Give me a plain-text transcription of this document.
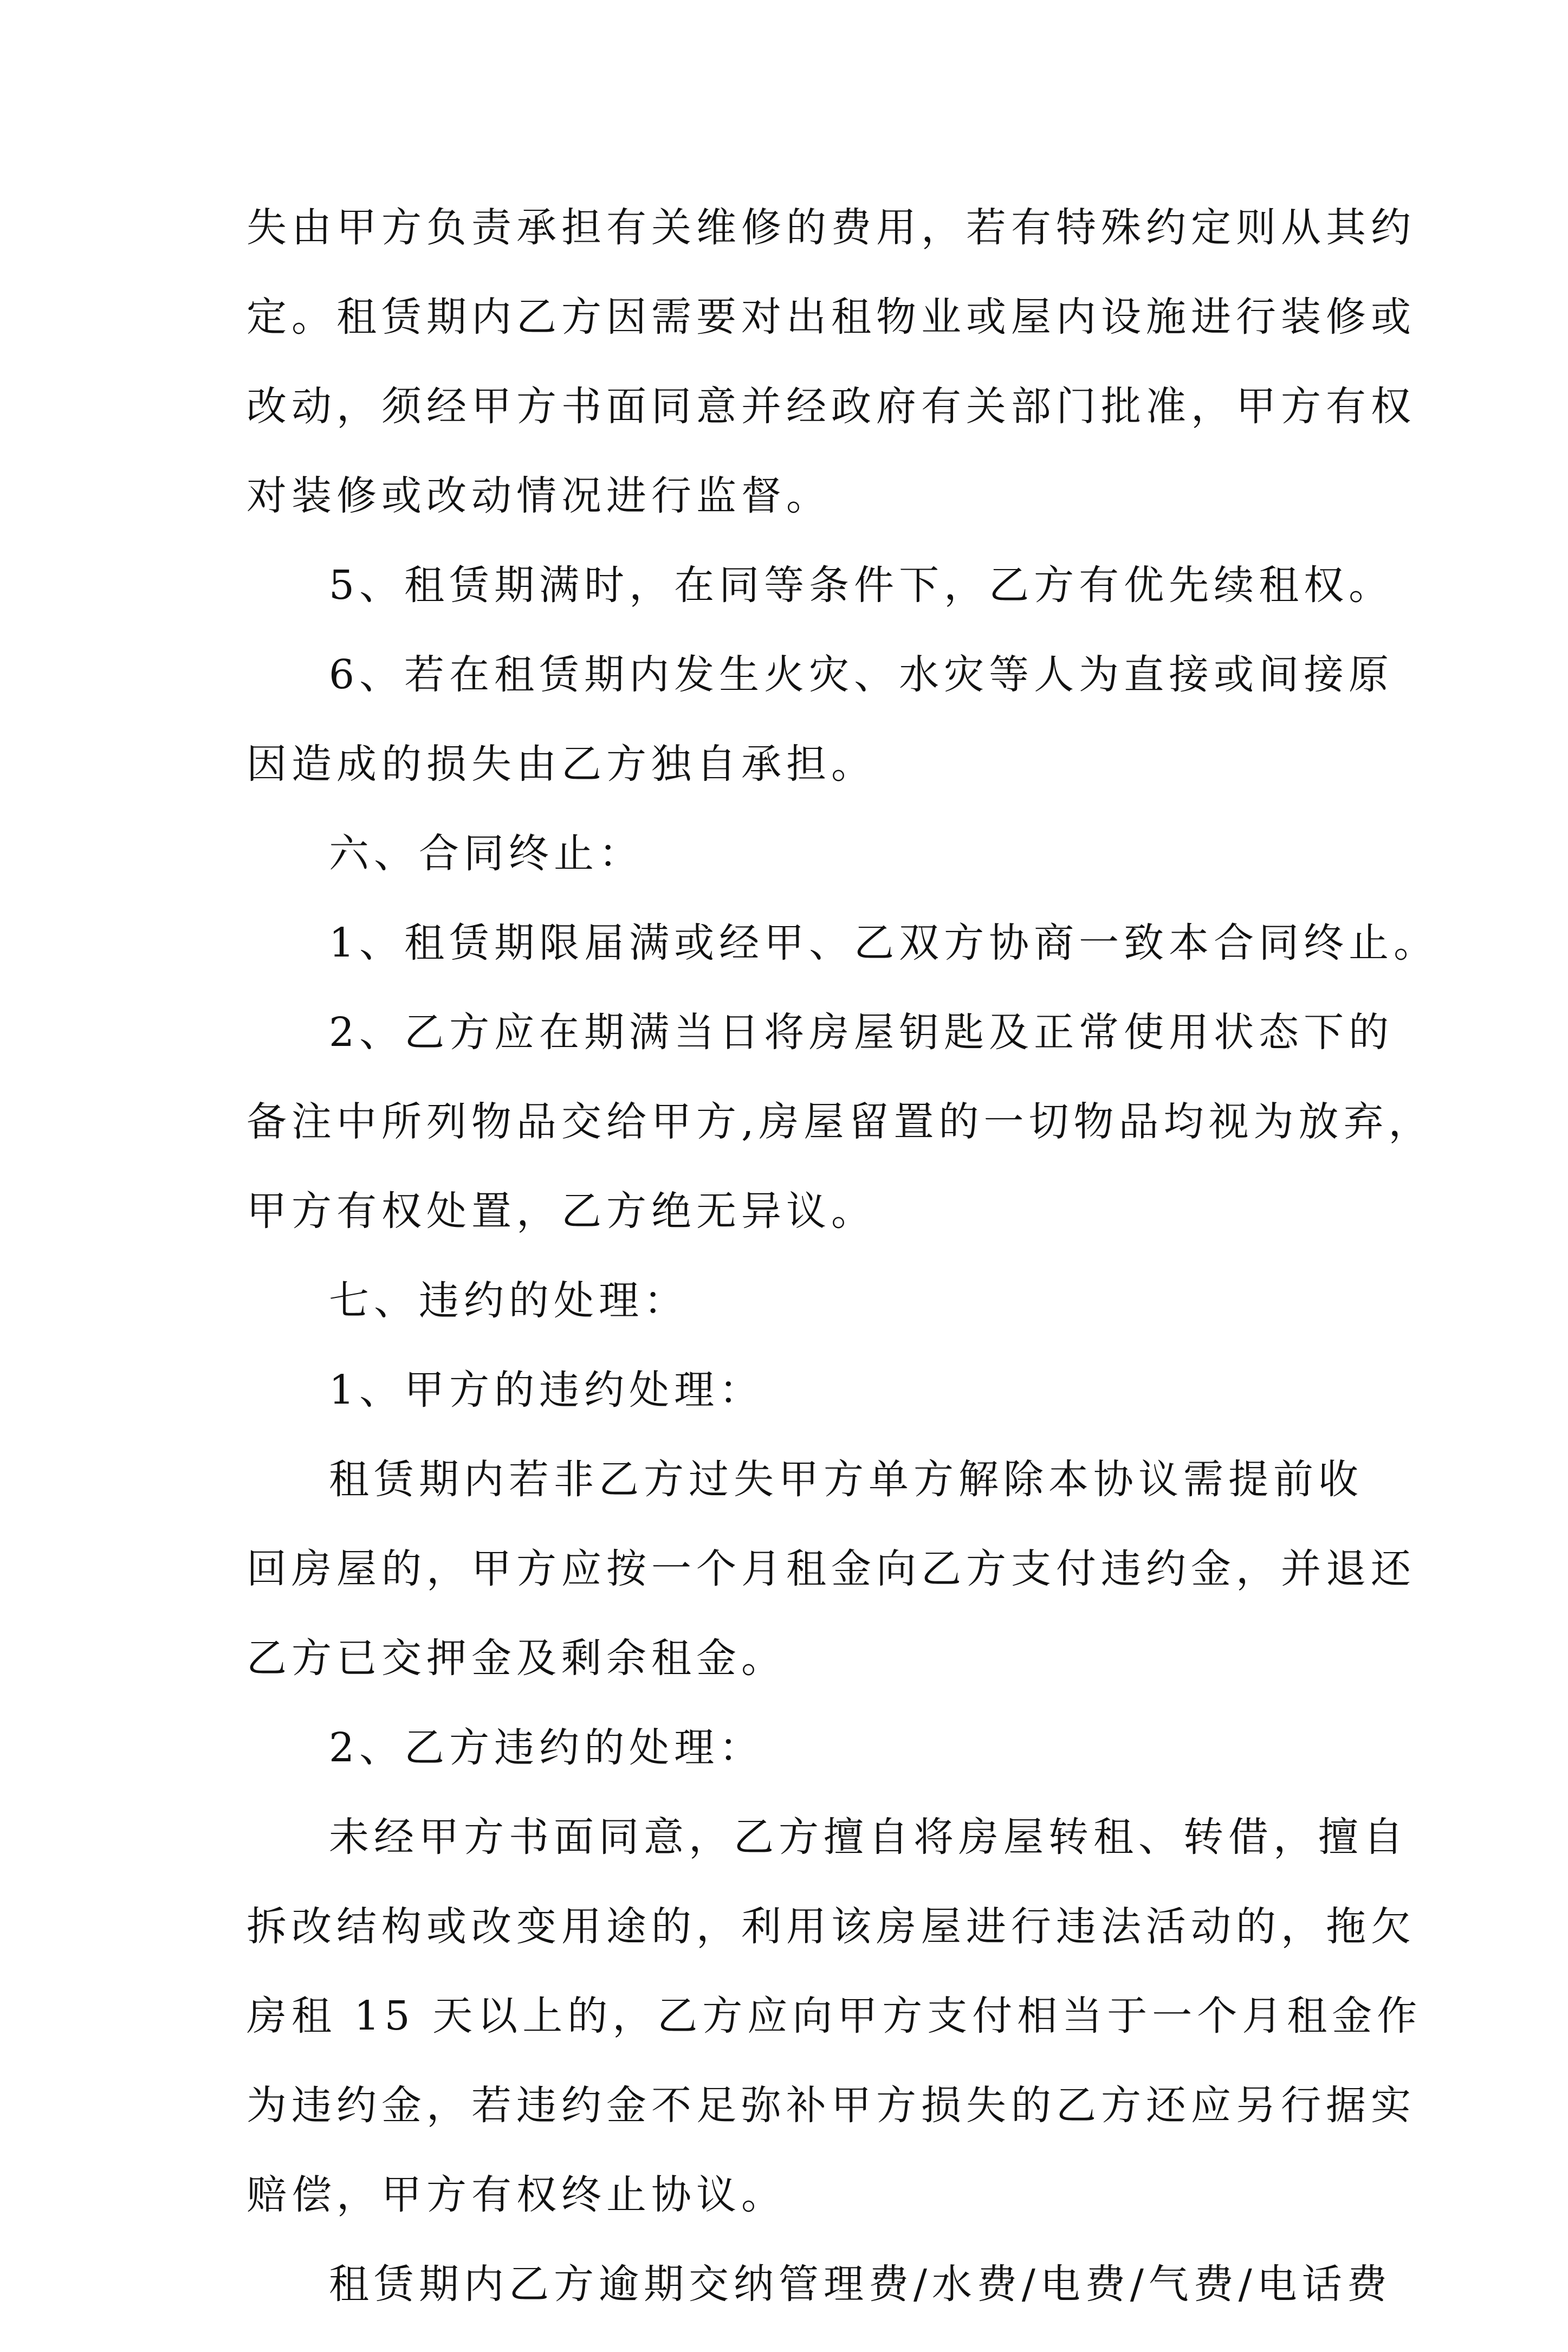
失由甲方负责承担有关维修的费用，若有特殊约定则从其约
定。租赁期内乙方因需要对出租物业或屋内设施进行装修或
改动，须经甲方书面同意并经政府有关部门批准，甲方有权
对装修或改动情况进行监督。
5、租赁期满时，在同等条件下，乙方有优先续租权。
6、若在租赁期内发生火灾、水灾等人为直接或间接原
因造成的损失由乙方独自承担。
六、合同终止：
1、租赁期限届满或经甲、乙双方协商一致本合同终止。
2、乙方应在期满当日将房屋钥匙及正常使用状态下的
备注中所列物品交给甲方,房屋留置的一切物品均视为放弃，
甲方有权处置，乙方绝无异议。
七、违约的处理：
1、甲方的违约处理：
租赁期内若非乙方过失甲方单方解除本协议需提前收
回房屋的，甲方应按一个月租金向乙方支付违约金，并退还
乙方已交押金及剩余租金。
2、乙方违约的处理：
未经甲方书面同意，乙方擅自将房屋转租、转借，擅自
拆改结构或改变用途的，利用该房屋进行违法活动的，拖欠
房租 15 天以上的，乙方应向甲方支付相当于一个月租金作
为违约金，若违约金不足弥补甲方损失的乙方还应另行据实
赔偿，甲方有权终止协议。
租赁期内乙方逾期交纳管理费/水费/电费/气费/电话费
